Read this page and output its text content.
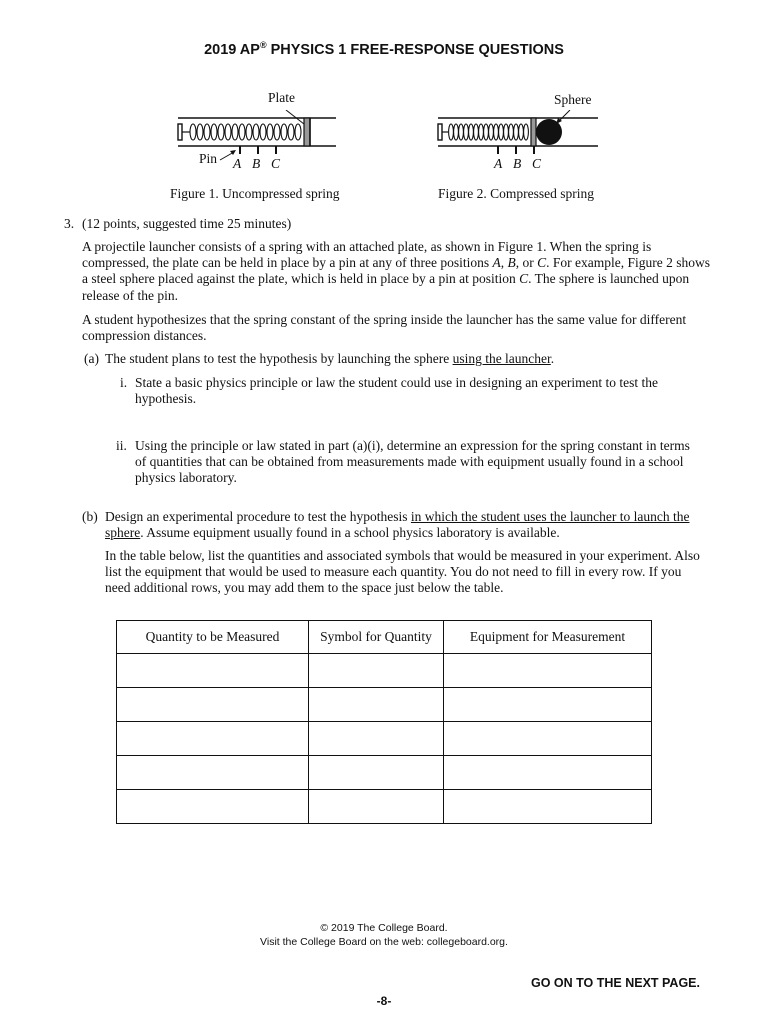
2019 AP® PHYSICS 1 FREE-RESPONSE QUESTIONS
Plate
Pin A B C
Figure 1. Uncompressed spring
Sphere
A B C
Figure 2. Compressed spring
3. (12 points, suggested time 25 minutes)
A projectile launcher consists of a spring with an attached plate, as shown in Figure 1. When the spring is compressed, the plate can be held in place by a pin at any of three positions A, B, or C. For example, Figure 2 shows a steel sphere placed against the plate, which is held in place by a pin at position C. The sphere is launched upon release of the pin.
A student hypothesizes that the spring constant of the spring inside the launcher has the same value for different compression distances.
(a) The student plans to test the hypothesis by launching the sphere using the launcher.
i. State a basic physics principle or law the student could use in designing an experiment to test the hypothesis.
ii. Using the principle or law stated in part (a)(i), determine an expression for the spring constant in terms of quantities that can be obtained from measurements made with equipment usually found in a school physics laboratory.
(b) Design an experimental procedure to test the hypothesis in which the student uses the launcher to launch the sphere. Assume equipment usually found in a school physics laboratory is available.
In the table below, list the quantities and associated symbols that would be measured in your experiment. Also list the equipment that would be used to measure each quantity. You do not need to fill in every row. If you need additional rows, you may add them to the space just below the table.
Quantity to be Measured	Symbol for Quantity	Equipment for Measurement

© 2019 The College Board.
Visit the College Board on the web: collegeboard.org.
GO ON TO THE NEXT PAGE.
-8-
